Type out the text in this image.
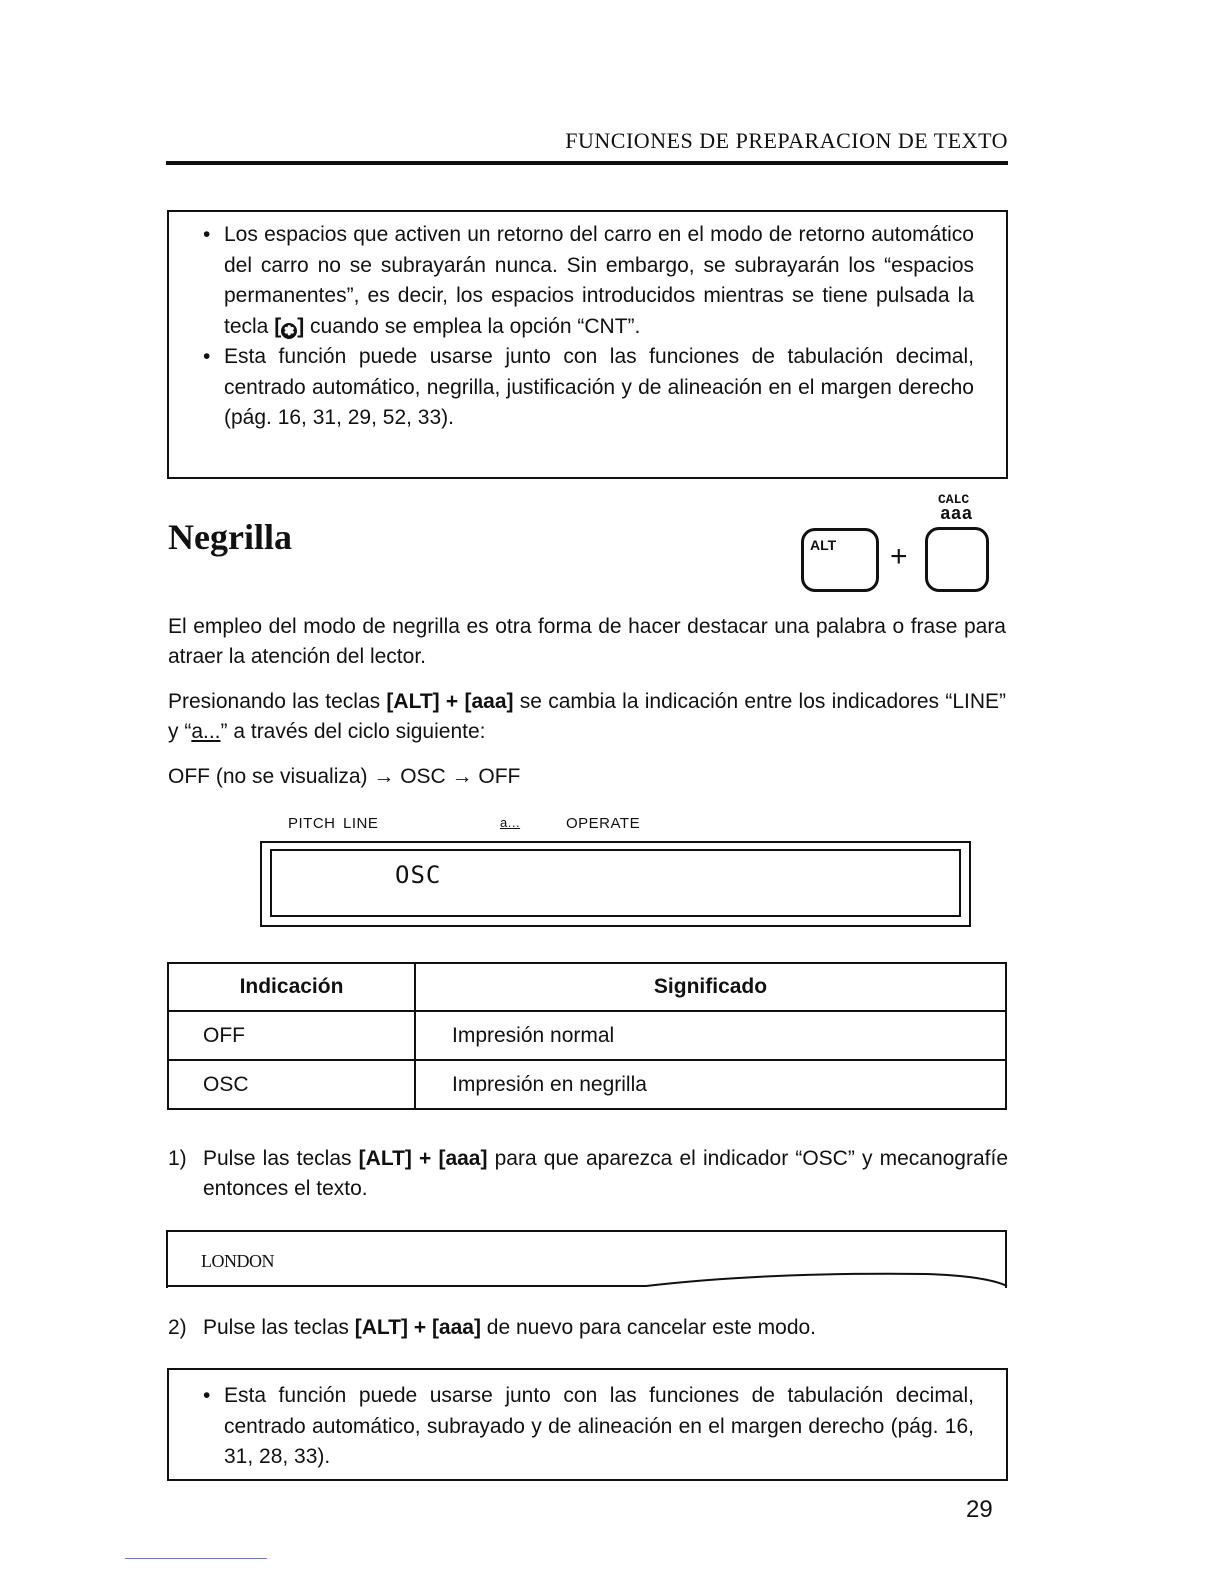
FUNCIONES DE PREPARACION DE TEXTO
• Los espacios que activen un retorno del carro en el modo de retorno automático del carro no se subrayarán nunca. Sin embargo, se subrayarán los “espacios permanentes”, es decir, los espacios introducidos mientras se tiene pulsada la tecla [ ✽ ] cuando se emplea la opción “CNT”.
• Esta función puede usarse junto con las funciones de tabulación decimal, centrado automático, negrilla, justificación y de alineación en el margen derecho (pág. 16, 31, 29, 52, 33).
Negrilla
CALC
aaa
ALT +
El empleo del modo de negrilla es otra forma de hacer destacar una palabra o frase para atraer la atención del lector.
Presionando las teclas [ALT] + [aaa] se cambia la indicación entre los indicadores “LINE” y “a...” a través del ciclo siguiente:
OFF (no se visualiza) → OSC → OFF
PITCH LINE	a...	OPERATE
OSC
Indicación	Significado
OFF	Impresión normal
OSC	Impresión en negrilla
1) Pulse las teclas [ALT] + [aaa] para que aparezca el indicador “OSC” y mecanografíe entonces el texto.
LONDON
2) Pulse las teclas [ALT] + [aaa] de nuevo para cancelar este modo.
• Esta función puede usarse junto con las funciones de tabulación decimal, centrado automático, subrayado y de alineación en el margen derecho (pág. 16, 31, 28, 33).
29
